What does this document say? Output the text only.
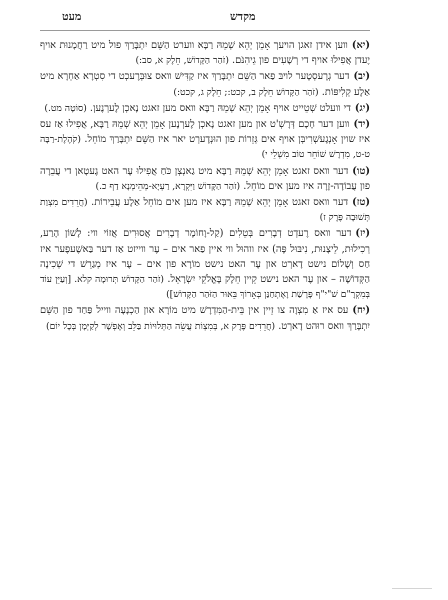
מעט	מקדש

(יא)װען אידן זאגן הױעך אָמֵן יְהֵא שְׁמֵהּ רַבָּא װערט הַשֵּׁם יִתְבָּרַךְ פול מיט רַחֲמָנוּת אויף יֶעדן אֲפִילוּ אויף די רְשָׁעִים פון גֵיהִנֹּם. (זֹהַר הַקָּדוֹשׁ, חֵלֶק א, סב:)

(יב)דער גְרֶעסְטֶער לױבּ פַאר הַשֵּׁם יִתְבָּרַךְ איז קַדִּישׁ װאס צוּבְּרֶעכְט די סִטְרָא אַחְרָא מיט אַלֶע קְלִיפּוֹת. (זֹהַר הַקָּדוֹשׁ חֵלֶק ב, קכט:; חֵלֶק ג, קכט:)

(יג)די װעלט שְׁטֵייט אויף אָמֵן יְהֵא שְׁמֵהּ רַבָּא װאס מען זאגט נָאכְן לֶערְנֶען. (סוֹטָה מט.)

(יד)װען דער חָכָם דְּרָשְׁ'ט און מען זאגט נָאכְן לֶערְנֶען אָמֵן יְהֵא שְׁמֵהּ רַבָּא, אֲפִילוּ אַז עס איז שוין אָנְגֶעשְׁרִיבְּן אױף אים גְּזֵרוֹת פון הוּנְדֶערְט יאר איז הַשֵּׁם יִתְבָּרַךְ מוֹחֵל. (קֹהֶלֶת-רַבָּה ט-ט, מִדְרָשׁ שׁוֹחֵר טוֹב מִשְׁלֵי י)

(טו)דער װאס זאגט אָמֵן יְהֵא שְׁמֵהּ רַבָּא מיט גַאנְצְן כֹּחַ אֲפִילוּ עֶר האט גֶעטָאן די עֲבֵרָה פון עֲבוֹדָה-זָרָה איז מען אים מוֹחֵל. (זֹהַר הַקָּדוֹשׁ וַיִּקְרָא, רַעְיָא-מְהֵימְנָא דַף כ.)

(טז)דער װאס זאגט אָמֵן יְהֵא שְׁמֵהּ רַבָּא איז מען אים מוֹחֵל אַלֶע עֲבֵירוֹת. (חֲרֵדִים מִצְוַת תְּשׁוּבָה פֶּרֶק ז)

(יז)דער װאס רֶעדְט דְבָרִים בְּטֵלִים (קַל-וָחוֹמֶר דְבָרִים אֲסוּרִים אֲזוֹי װי: לָשׁוֹן הָרַע, רְכִילוּת, לֵיצָנוּת, נִיבּוּל פֶּה) איז װהוּל װי איין פַאר אים – עֶר װייזט אַז דער בַּאשֶׁעפֶער איז חַס וְשָׁלוֹם נישט דָארְט און עֶר האט נישט מוֹרָא פון אים – עֶר איז מְגַרֵשׁ די שְׁכִינָה הַקְּדוֹשָׁה – און עֶר האט נישט קֵיין חֵלֶק בֶּאֱלֹקֵי יִשְׂרָאֵל. (זֹהַר הַקָּדוֹשׁ תְּרוּמָה קלא. [וְעַיֵּן עוֹד בְּמִקְרָ"ם שׁ"י"ף פָּרָשַׁת וָאֶתְחַנַּן בְּאָרוֹךְ בֵּאוּר הַזֹּהַר הַקָּדוֹשׁ])

(יח)עס איז אַ מִצְוָה צו זֵיין אין בֵּית-הַמִּדְרָשׁ מיט מוֹרָא און הַכְנָעָה װייל פַּחַד פון הַשֵּׁם יִתְבָּרַךְ װאס רוּהט דָארְט. (חֲרֵדִים פֶּרֶק א, בְּמִצְוֹת עֲשֵׂה הַתְּלוּיוֹת בַּלֵּב וְאֶפְשָׁר לְקַיְּמָן בְּכָל יוֹם)
